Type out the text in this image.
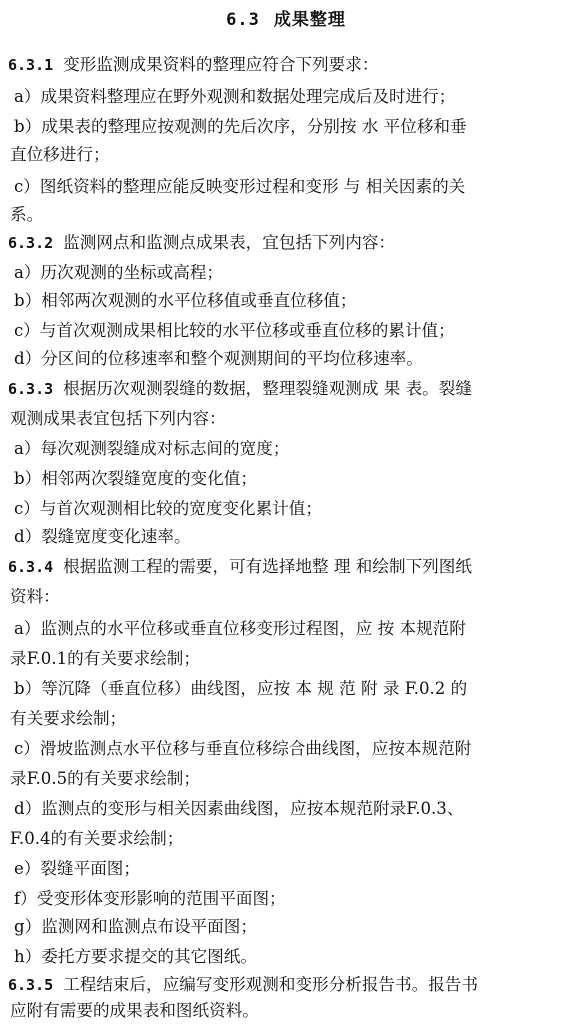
6.3 成果整理
6.3.1 变形监测成果资料的整理应符合下列要求：
a）成果资料整理应在野外观测和数据处理完成后及时进行；
b）成果表的整理应按观测的先后次序，分别按 水 平位移和垂
直位移进行；
c）图纸资料的整理应能反映变形过程和变形 与 相关因素的关
系。
6.3.2 监测网点和监测点成果表，宜包括下列内容：
a）历次观测的坐标或高程；
b）相邻两次观测的水平位移值或垂直位移值；
c）与首次观测成果相比较的水平位移或垂直位移的累计值；
d）分区间的位移速率和整个观测期间的平均位移速率。
6.3.3 根据历次观测裂缝的数据，整理裂缝观测成 果 表。裂缝
观测成果表宜包括下列内容：
a）每次观测裂缝成对标志间的宽度；
b）相邻两次裂缝宽度的变化值；
c）与首次观测相比较的宽度变化累计值；
d）裂缝宽度变化速率。
6.3.4 根据监测工程的需要，可有选择地整 理 和绘制下列图纸
资料：
a）监测点的水平位移或垂直位移变形过程图，应 按 本规范附
录F.0.1的有关要求绘制；
b）等沉降（垂直位移）曲线图，应按 本 规 范 附 录 F.0.2 的
有关要求绘制；
c）滑坡监测点水平位移与垂直位移综合曲线图，应按本规范附
录F.0.5的有关要求绘制；
d）监测点的变形与相关因素曲线图，应按本规范附录F.0.3、
F.0.4的有关要求绘制；
e）裂缝平面图；
f）受变形体变形影响的范围平面图；
g）监测网和监测点布设平面图；
h）委托方要求提交的其它图纸。
6.3.5 工程结束后，应编写变形观测和变形分析报告书。报告书
应附有需要的成果表和图纸资料。
